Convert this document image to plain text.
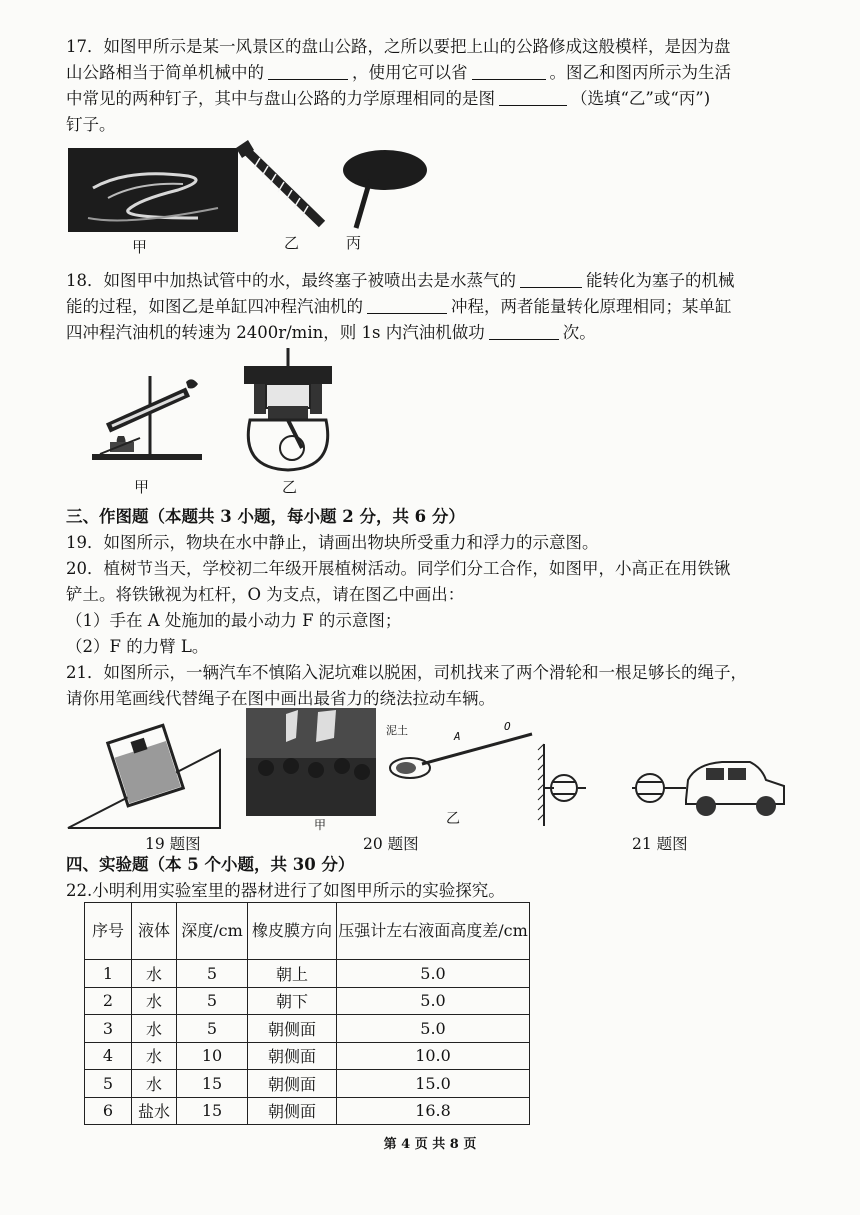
17．如图甲所示是某一风景区的盘山公路，之所以要把上山的公路修成这般模样，是因为盘
山公路相当于简单机械中的	，使用它可以省	。图乙和图丙所示为生活
中常见的两种钉子，其中与盘山公路的力学原理相同的是图	（选填“乙”或“丙”)
钉子。
甲	乙	丙
18．如图甲中加热试管中的水，最终塞子被喷出去是水蒸气的	能转化为塞子的机械
能的过程，如图乙是单缸四冲程汽油机的	冲程，两者能量转化原理相同；某单缸
四冲程汽油机的转速为 2400r/min，则 1s 内汽油机做功	次。
甲	乙
三、作图题（本题共 3 小题，每小题 2 分，共 6 分）
19．如图所示，物块在水中静止，请画出物块所受重力和浮力的示意图。
20．植树节当天，学校初二年级开展植树活动。同学们分工合作，如图甲，小高正在用铁锹
铲土。将铁锹视为杠杆，O 为支点，请在图乙中画出：
（1）手在 A 处施加的最小动力 F 的示意图；
（2）F 的力臂 L。
21．如图所示，一辆汽车不慎陷入泥坑难以脱困，司机找来了两个滑轮和一根足够长的绳子，
请你用笔画线代替绳子在图中画出最省力的绕法拉动车辆。
甲
泥土	A
O
乙
19 题图	20 题图	21 题图
四、实验题（本 5 个小题，共 30 分）
22.小明利用实验室里的器材进行了如图甲所示的实验探究。
序号	液体	深度/cm	橡皮膜方向	压强计左右液面高度差/cm
1	水	5	朝上	5.0
2	水	5	朝下	5.0
3	水	5	朝侧面	5.0
4	水	10	朝侧面	10.0
5	水	15	朝侧面	15.0
6	盐水	15	朝侧面	16.8
第 4 页 共 8 页
